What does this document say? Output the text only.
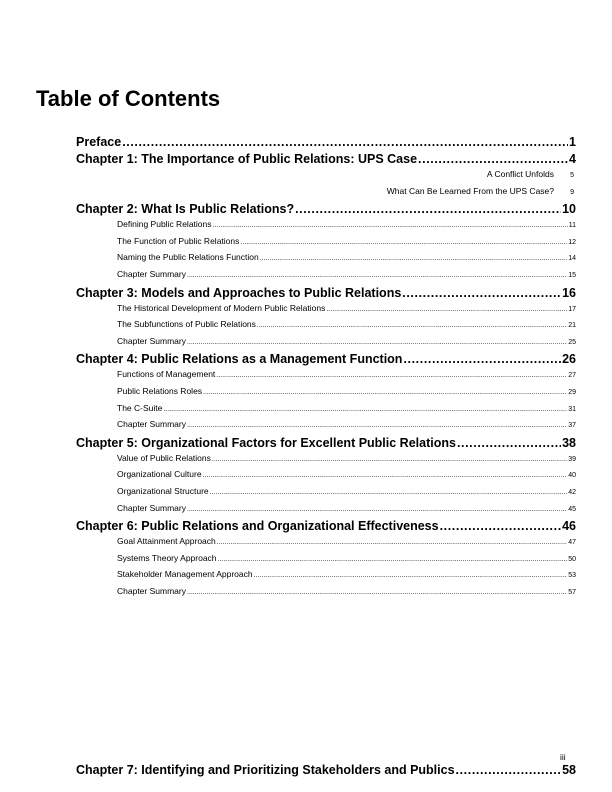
Table of Contents
Preface .....	1
Chapter 1: The Importance of Public Relations: UPS Case .....	4
A Conflict Unfolds	5
What Can Be Learned From the UPS Case?	9
Chapter 2: What Is Public Relations? .....	10
Defining Public Relations .....	11
The Function of Public Relations .....	12
Naming the Public Relations Function .....	14
Chapter Summary .....	15
Chapter 3: Models and Approaches to Public Relations .....	16
The Historical Development of Modern Public Relations .....	17
The Subfunctions of Public Relations .....	21
Chapter Summary .....	25
Chapter 4: Public Relations as a Management Function .....	26
Functions of Management .....	27
Public Relations Roles .....	29
The C-Suite .....	31
Chapter Summary .....	37
Chapter 5: Organizational Factors for Excellent Public Relations .....	38
Value of Public Relations .....	39
Organizational Culture .....	40
Organizational Structure .....	42
Chapter Summary .....	45
Chapter 6: Public Relations and Organizational Effectiveness .....	46
Goal Attainment Approach .....	47
Systems Theory Approach .....	50
Stakeholder Management Approach .....	53
Chapter Summary .....	57
iii
Chapter 7: Identifying and Prioritizing Stakeholders and Publics .....	58
